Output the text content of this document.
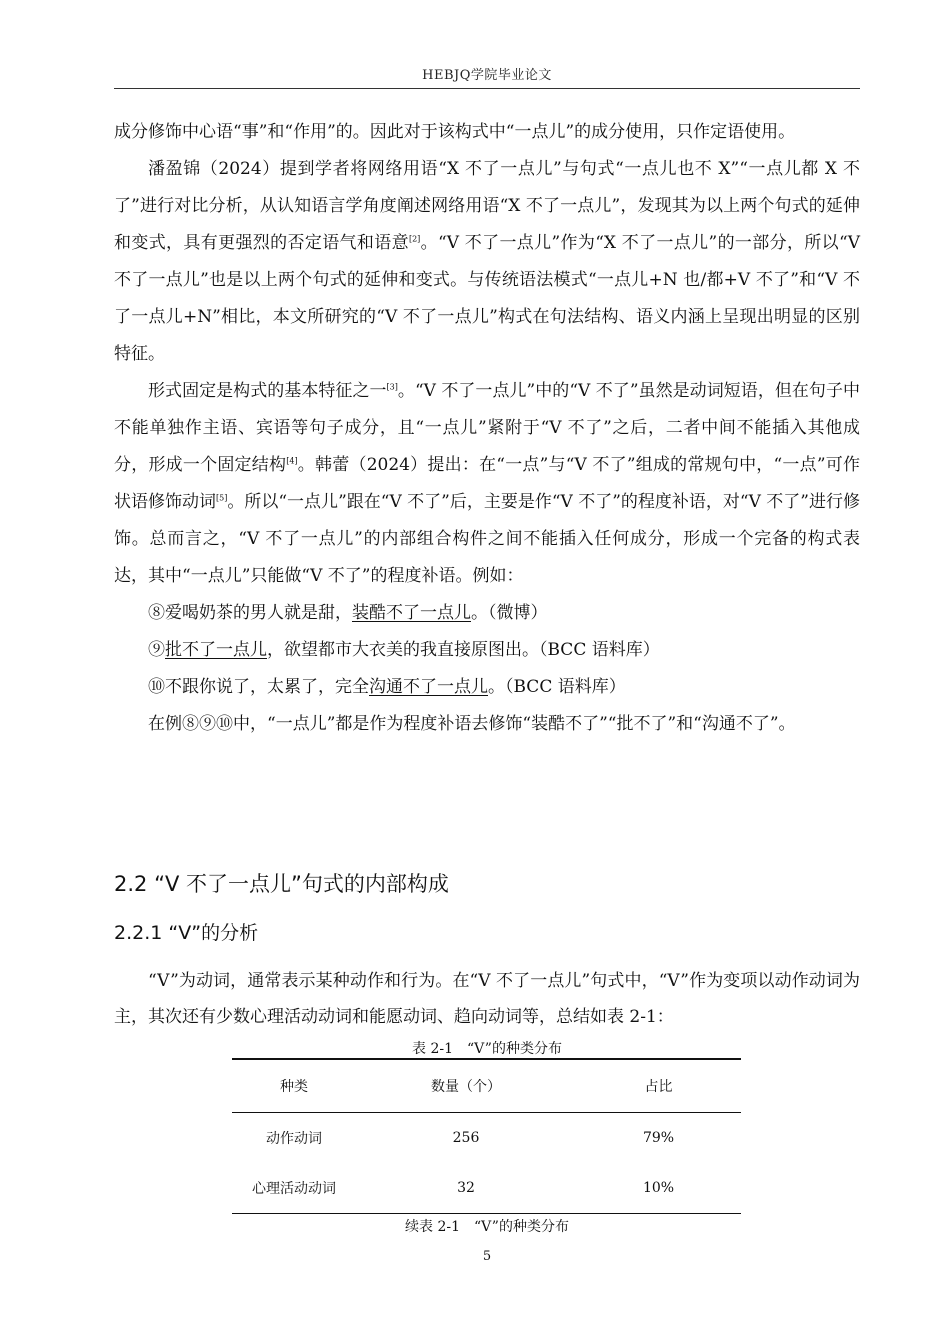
HEBJQ学院毕业论文

成分修饰中心语“事”和“作用”的。因此对于该构式中“一点儿”的成分使用，只作定语使用。

潘盈锦（2024）提到学者将网络用语“X 不了一点儿”与句式“一点儿也不 X”“一点儿都 X 不了”进行对比分析，从认知语言学角度阐述网络用语“X 不了一点儿”，发现其为以上两个句式的延伸和变式，具有更强烈的否定语气和语意[2]。“V 不了一点儿”作为“X 不了一点儿”的一部分，所以“V 不了一点儿”也是以上两个句式的延伸和变式。与传统语法模式“一点儿+N 也/都+V 不了”和“V 不了一点儿+N”相比，本文所研究的“V 不了一点儿”构式在句法结构、语义内涵上呈现出明显的区别特征。

形式固定是构式的基本特征之一[3]。“V 不了一点儿”中的“V 不了”虽然是动词短语，但在句子中不能单独作主语、宾语等句子成分，且“一点儿”紧附于“V 不了”之后，二者中间不能插入其他成分，形成一个固定结构[4]。韩蕾（2024）提出：在“一点”与“V 不了”组成的常规句中，“一点”可作状语修饰动词[5]。所以“一点儿”跟在“V 不了”后，主要是作“V 不了”的程度补语，对“V 不了”进行修饰。总而言之，“V 不了一点儿”的内部组合构件之间不能插入任何成分，形成一个完备的构式表达，其中“一点儿”只能做“V 不了”的程度补语。例如：

⑧爱喝奶茶的男人就是甜，装酷不了一点儿。（微博）

⑨批不了一点儿，欲望都市大衣美的我直接原图出。（BCC 语料库）

⑩不跟你说了，太累了，完全沟通不了一点儿。（BCC 语料库）

在例⑧⑨⑩中，“一点儿”都是作为程度补语去修饰“装酷不了”“批不了”和“沟通不了”。

2.2 “V 不了一点儿”句式的内部构成
2.2.1 “V”的分析

“V”为动词，通常表示某种动作和行为。在“V 不了一点儿”句式中，“V”作为变项以动作动词为主，其次还有少数心理活动动词和能愿动词、趋向动词等，总结如表 2-1：

表 2-1　“V”的种类分布
种类	数量（个）	占比
动作动词	256	79%
心理活动动词	32	10%
续表 2-1　“V”的种类分布
5
